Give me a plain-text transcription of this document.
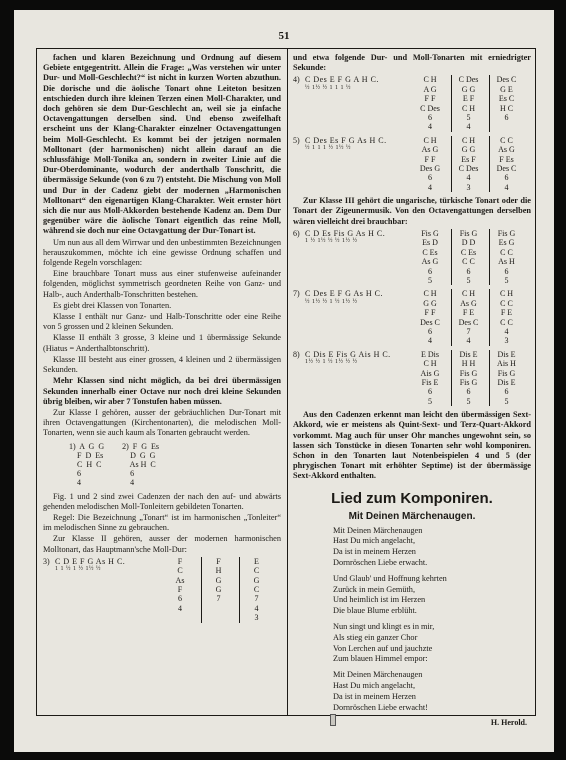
51

fachen und klaren Bezeichnung und Ordnung auf diesem Gebiete entgegentritt. Allein die Frage: „Was verstehen wir unter Dur- und Moll-Geschlecht?“ ist nicht in kurzen Worten abzuthun. Die dorische und die äolische Tonart ohne Leiteton besitzen entschieden durch ihre kleinen Terzen einen Moll-Charakter, und doch gehören sie dem Dur-Geschlecht an, weil sie ja einfache Octavengattungen derselben sind. Und ebenso zweifelhaft erscheint uns der Klang-Charakter einzelner Octavengattungen beim Moll-Geschlecht. Es kommt bei der jetzigen normalen Molltonart (der harmonischen) nicht allein darauf an die schlussfähige Moll-Tonika an, sondern in zweiter Linie auf die Dur-Oberdominante, wodurch der anderthalb Tonschritt, die übermässige Sekunde (von 6 zu 7) entsteht. Die Mischung von Moll und Dur in der Cadenz giebt der modernen „Harmonischen Molltonart“ den eigenartigen Klang-Charakter. Weit ernster hört sich die nur aus Moll-Akkorden bestehende Kadenz an. Dem Dur gegenüber wäre die äolische Tonart eigentlich das reine Moll, während sie doch nur eine Octavgattung der Dur-Tonart ist.

Um nun aus all dem Wirrwar und den unbestimmten Bezeichnungen herauszukommen, möchte ich eine gewisse Ordnung schaffen und folgende Regeln vorschlagen:

Eine brauchbare Tonart muss aus einer stufenweise aufeinander folgenden, möglichst symmetrisch geordneten Reihe von Ganz- und Halb-, auch Anderthalb-Tonschritten bestehen.

Es giebt drei Klassen von Tonarten.

Klasse I enthält nur Ganz- und Halb-Tonschritte oder eine Reihe von 5 grossen und 2 kleinen Sekunden.

Klasse II enthält 3 grosse, 3 kleine und 1 übermässige Sekunde (Hiatus = Anderthalbtonschritt).

Klasse III besteht aus einer grossen, 4 kleinen und 2 übermässigen Sekunden.

Mehr Klassen sind nicht möglich, da bei drei übermässigen Sekunden innerhalb einer Octave nur noch drei kleine Sekunden übrig bleiben, wir aber 7 Tonstufen haben müssen.

Zur Klasse I gehören, ausser der gebräuchlichen Dur-Tonart mit ihren Octavengattungen (Kirchentonarten), die melodischen Moll-Tonarten, wenn sie auch kaum als Tonarten gebraucht werden.

1)  A  G  G
F  D  Es
C  H  C
6
4
2)  F  G  Es
D  G  G
As H  C
6
4

Fig. 1 und 2 sind zwei Cadenzen der nach den auf- und abwärts gehenden melodischen Moll-Tonleitern gebildeten Tonarten.

Regel: Die Bezeichnung „Tonart“ ist im harmonischen „Tonleiter“ im melodischen Sinne zu gebrauchen.

Zur Klasse II gehören, ausser der modernen harmonischen Molltonart, das Hauptmann'sche Moll-Dur:

3) C D E F G As H C.
1 1 ½ 1 ½ 1½ ½
F
C
As
F
6
4
F
H
G
G
7
E
C
G
C
7
4
3

und etwa folgende Dur- und Moll-Tonarten mit erniedrigter Sekunde:

4) C Des E F G A H C.
½ 1½ ½ 1 1 1 ½
C H
A G
F F
C Des
6
4
C Des
G G
E F
C H
5
4
Des C
G E
Es C
H C
6
5) C Des Es F G As H C.
½ 1 1 1 ½ 1½ ½
C H
As G
F F
Des G
6
4
C H
G G
Es F
C Des
4
3
C C
As G
F Es
Des C
6
4

Zur Klasse III gehört die ungarische, türkische Tonart oder die Tonart der Zigeunermusik. Von den Octavengattungen derselben wären vielleicht drei brauchbar:

6) C D Es Fis G As H C.
1 ½ 1½ ½ ½ 1½ ½
Fis G
Es D
C Es
As G
6
5
Fis G
D D
C Es
C C
6
5
Fis G
Es G
C C
As H
6
5
7) C Des E F G As H C.
½ 1½ ½ 1 ½ 1½ ½
C H
G G
F F
Des C
6
4
C H
As G
F E
Des C
7
4
C H
C C
F E
C C
4
3
8) C Dis E Fis G Ais H C.
1½ ½ 1 ½ 1½ ½ ½
E Dis
C H
Ais G
Fis E
6
5
Dis E
H H
Fis G
Fis G
6
5
Dis E
Ais H
Fis G
Dis E
6
5

Aus den Cadenzen erkennt man leicht den übermässigen Sext-Akkord, wie er meistens als Quint-Sext- und Terz-Quart-Akkord vorkommt. Mag auch für unser Ohr manches ungewohnt sein, so lassen sich Tonstücke in diesen Tonarten sehr wohl komponiren. Schon in den Tonarten laut Notenbeispielen 4 und 5 (der phrygischen Tonart mit erhöhter Septime) ist der übermässige Sext-Akkord enthalten.

Lied zum Komponiren.
Mit Deinen Märchenaugen.
Mit Deinen Märchenaugen
Hast Du mich angelacht,
Da ist in meinem Herzen
Dornröschen Liebe erwacht.
Und Glaub' und Hoffnung kehrten
Zurück in mein Gemüth,
Und heimlich ist im Herzen
Die blaue Blume erblüht.
Nun singt und klingt es in mir,
Als stieg ein ganzer Chor
Von Lerchen auf und jauchzte
Zum blauen Himmel empor:
Mit Deinen Märchenaugen
Hast Du mich angelacht,
Da ist in meinem Herzen
Dornröschen Liebe erwacht!
H. Herold.
